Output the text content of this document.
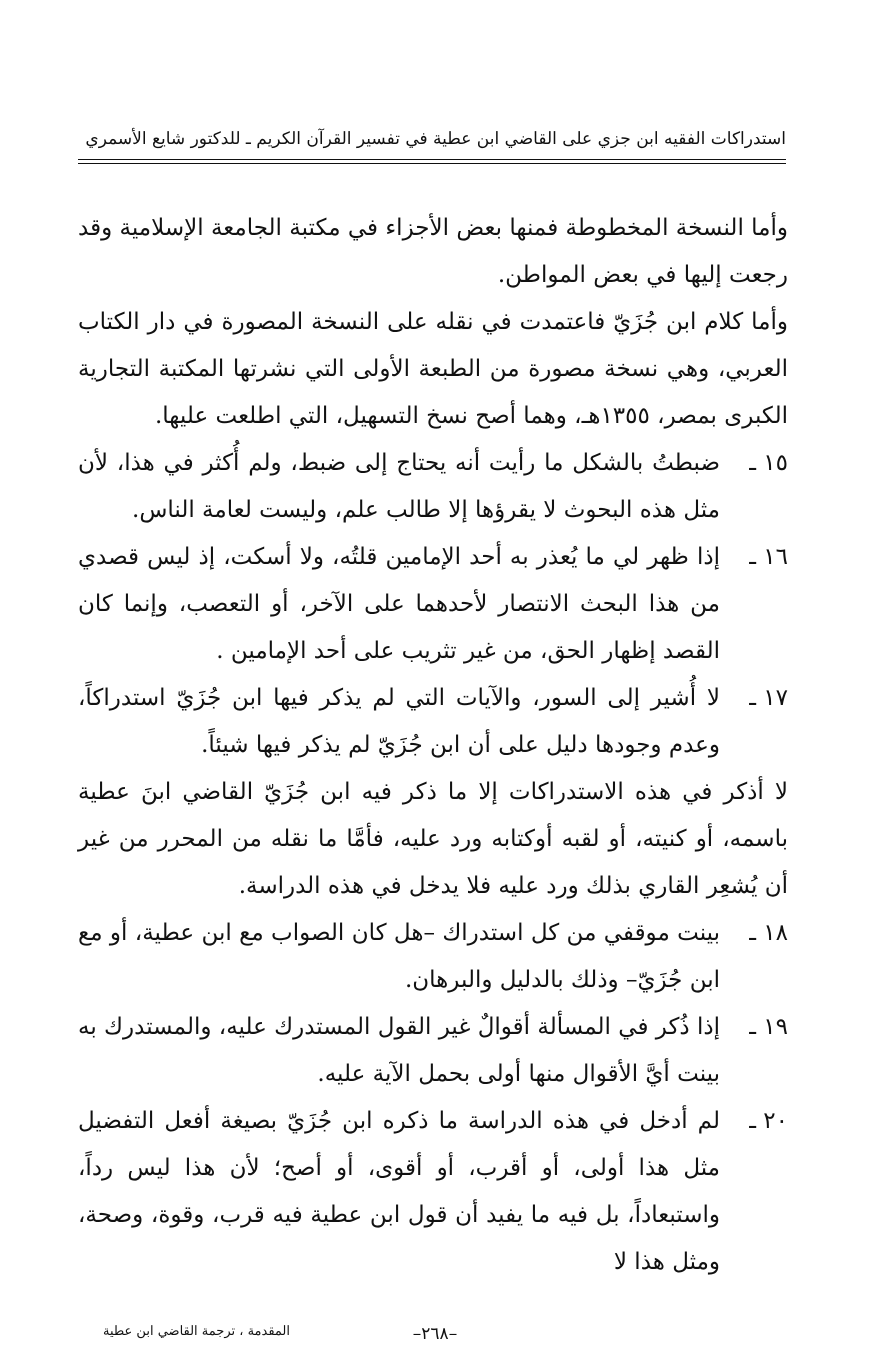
استدراكات الفقيه ابن جزي على القاضي ابن عطية في تفسير القرآن الكريم ـ للدكتور شايع الأسمري
وأما النسخة المخطوطة فمنها بعض الأجزاء في مكتبة الجامعة الإسلامية وقد رجعت إليها في بعض المواطن.
وأما كلام ابن جُزَيّ فاعتمدت في نقله على النسخة المصورة في دار الكتاب العربي، وهي نسخة مصورة من الطبعة الأولى التي نشرتها المكتبة التجارية الكبرى بمصر، ١٣٥٥هـ، وهما أصح نسخ التسهيل، التي اطلعت عليها.
١٥ ـ
ضبطتُ بالشكل ما رأيت أنه يحتاج إلى ضبط، ولم أُكثر في هذا، لأن مثل هذه البحوث لا يقرؤها إلا طالب علم، وليست لعامة الناس.
١٦ ـ
إذا ظهر لي ما يُعذر به أحد الإمامين قلتُه، ولا أسكت، إذ ليس قصدي من هذا البحث الانتصار لأحدهما على الآخر، أو التعصب، وإنما كان القصد إظهار الحق، من غير تثريب على أحد الإمامين .
١٧ ـ
لا أُشير إلى السور، والآيات التي لم يذكر فيها ابن جُزَيّ استدراكاً، وعدم وجودها دليل على أن ابن جُزَيّ لم يذكر فيها شيئاً.
لا أذكر في هذه الاستدراكات إلا ما ذكر فيه ابن جُزَيّ القاضي ابنَ عطية باسمه، أو كنيته، أو لقبه أوكتابه ورد عليه، فأمَّا ما نقله من المحرر من غير أن يُشعِر القاري بذلك ورد عليه فلا يدخل في هذه الدراسة.
١٨ ـ
بينت موقفي من كل استدراك –هل كان الصواب مع ابن عطية، أو مع ابن جُزَيّ– وذلك بالدليل والبرهان.
١٩ ـ
إذا ذُكر في المسألة أقوالٌ غير القول المستدرك عليه، والمستدرك به بينت أيَّ الأقوال منها أولى بحمل الآية عليه.
٢٠ ـ
لم أدخل في هذه الدراسة ما ذكره ابن جُزَيّ بصيغة أفعل التفضيل مثل هذا أولى، أو أقرب، أو أقوى، أو أصح؛ لأن هذا ليس رداً، واستبعاداً، بل فيه ما يفيد أن قول ابن عطية فيه قرب، وقوة، وصحة، ومثل هذا لا
المقدمة ، ترجمة القاضي ابن عطية	–٢٦٨–
